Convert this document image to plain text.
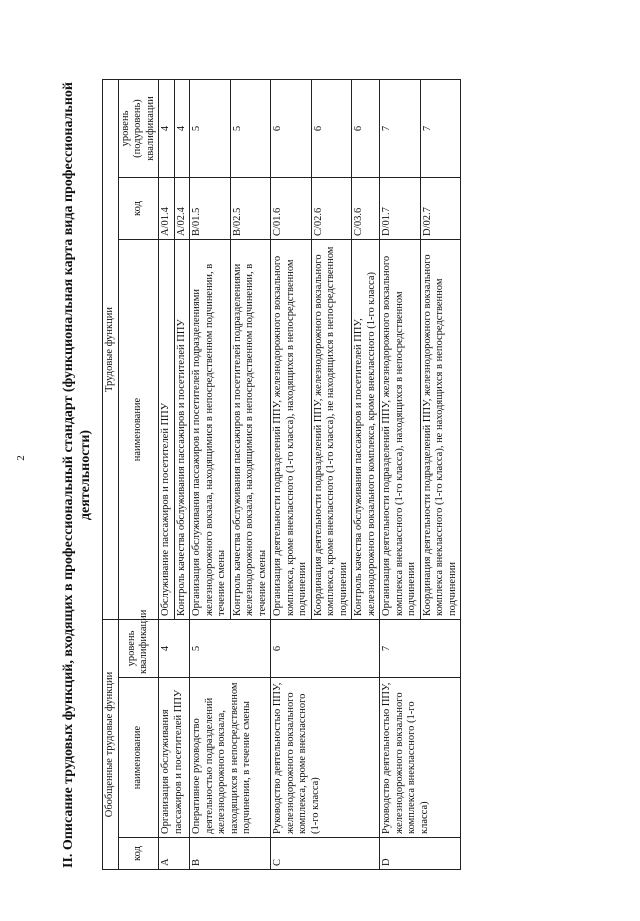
2 II. Описание трудовых функций, входящих в профессиональный стандарт (функциональная карта вида профессиональной деятельности)
Обобщенные трудовые функции			Трудовые функции		
код	наименование	уровень квалификации	наименование	код	уровень (подуровень) квалификации
А	Организация обслуживания пассажиров и посетителей ППУ	4	Обслуживание пассажиров и посетителей ППУ	A/01.4	4
			Контроль качества обслуживания пассажиров и посетителей ППУ	A/02.4	4
В	Оперативное руководство деятельностью подразделений железнодорожного вокзала, находящихся в непосредственном подчинении, в течение смены	5	Организация обслуживания пассажиров и посетителей подразделениями железнодорожного вокзала, находящимися в непосредственном подчинении, в течение смены	B/01.5	5
			Контроль качества обслуживания пассажиров и посетителей подразделениями железнодорожного вокзала, находящимися в непосредственном подчинении, в течение смены	B/02.5	5
С	Руководство деятельностью ППУ, железнодорожного вокзального комплекса, кроме внеклассного (1-го класса)	6	Организация деятельности подразделений ППУ, железнодорожного вокзального комплекса, кроме внеклассного (1-го класса), находящихся в непосредственном подчинении	C/01.6	6
			Координация деятельности подразделений ППУ, железнодорожного вокзального комплекса, кроме внеклассного (1-го класса), не находящихся в непосредственном подчинении	C/02.6	6
			Контроль качества обслуживания пассажиров и посетителей ППУ, железнодорожного вокзального комплекса, кроме внеклассного (1-го класса)	C/03.6	6
D	Руководство деятельностью ППУ, железнодорожного вокзального комплекса внеклассного (1-го класса)	7	Организация деятельности подразделений ППУ, железнодорожного вокзального комплекса внеклассного (1-го класса), находящихся в непосредственном подчинении	D/01.7	7
			Координация деятельности подразделений ППУ, железнодорожного вокзального комплекса внеклассного (1-го класса), не находящихся в непосредственном подчинении	D/02.7	7
